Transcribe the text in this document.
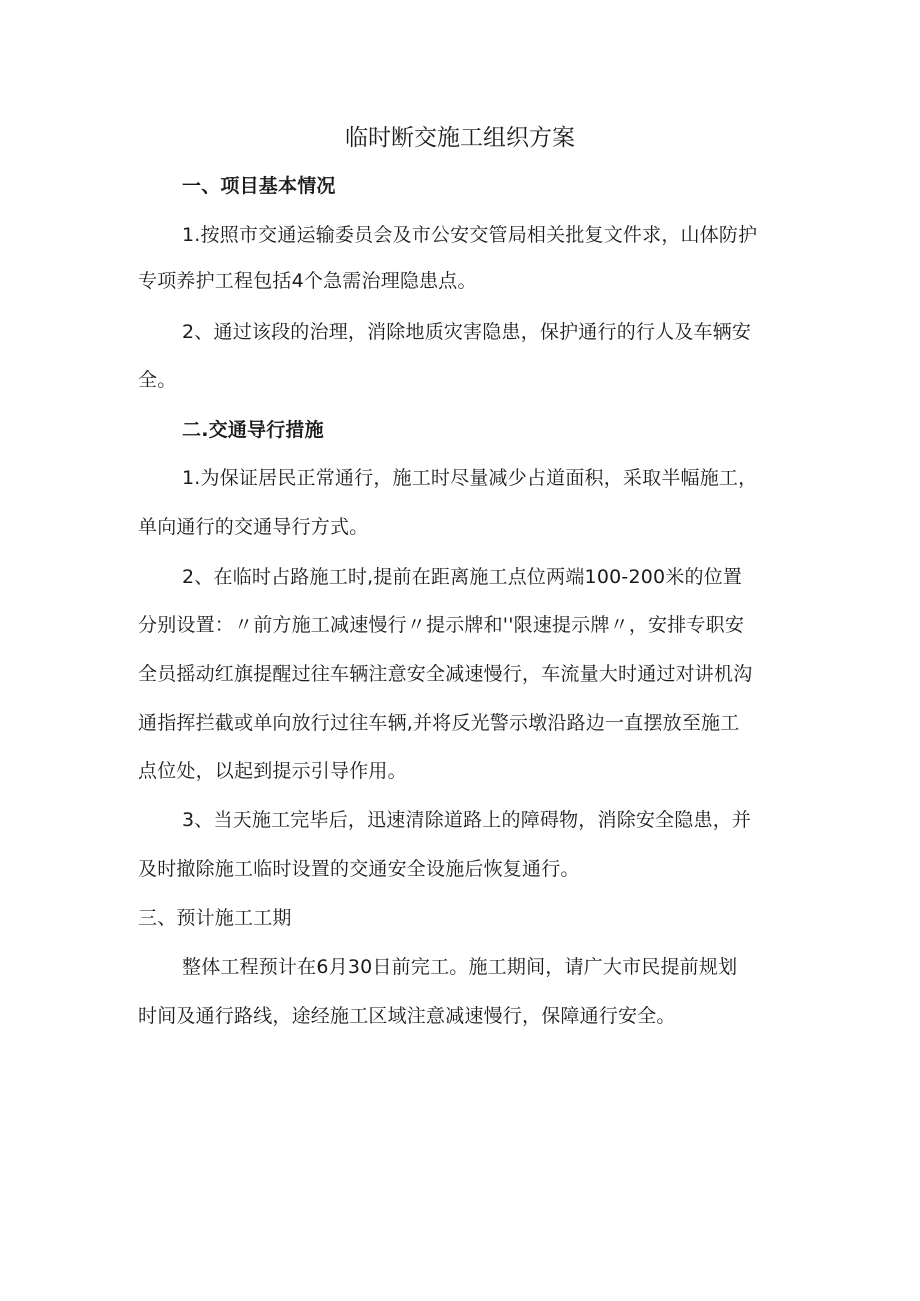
临时断交施工组织方案
一、项目基本情况
1.按照市交通运输委员会及市公安交管局相关批复文件求，山体防护
专项养护工程包括4个急需治理隐患点。
2、通过该段的治理，消除地质灾害隐患，保护通行的行人及车辆安
全。
二.交通导行措施
1.为保证居民正常通行，施工时尽量减少占道面积，采取半幅施工，
单向通行的交通导行方式。
2、在临时占路施工时,提前在距离施工点位两端100-200米的位置
分别设置：〃前方施工减速慢行〃提示牌和''限速提示牌〃，安排专职安
全员摇动红旗提醒过往车辆注意安全减速慢行，车流量大时通过对讲机沟
通指挥拦截或单向放行过往车辆,并将反光警示墩沿路边一直摆放至施工
点位处，以起到提示引导作用。
3、当天施工完毕后，迅速清除道路上的障碍物，消除安全隐患，并
及时撤除施工临时设置的交通安全设施后恢复通行。
三、预计施工工期
整体工程预计在6月30日前完工。施工期间，请广大市民提前规划
时间及通行路线，途经施工区域注意减速慢行，保障通行安全。
